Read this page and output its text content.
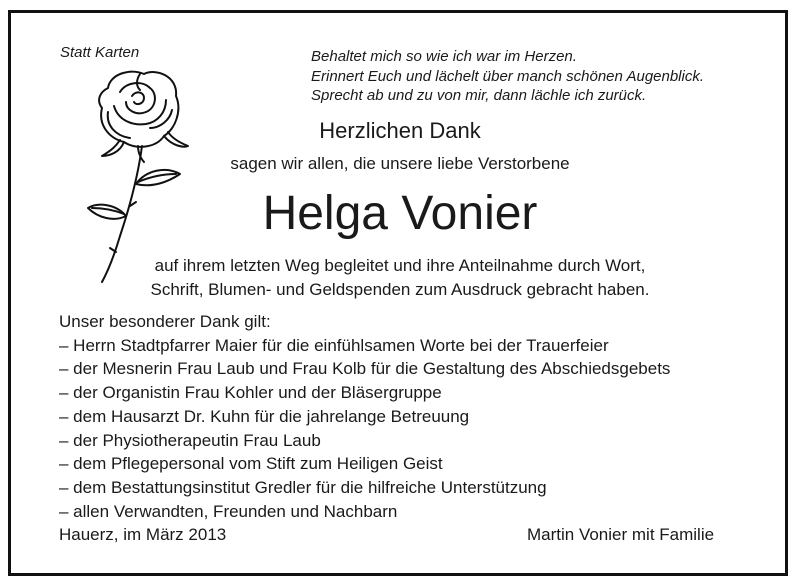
Statt Karten	Behaltet mich so wie ich war im Herzen.
Erinnert Euch und lächelt über manch schönen Augenblick.
Sprecht ab und zu von mir, dann lächle ich zurück.
Herzlichen Dank
sagen wir allen, die unsere liebe Verstorbene
Helga Vonier
auf ihrem letzten Weg begleitet und ihre Anteilnahme durch Wort,
Schrift, Blumen- und Geldspenden zum Ausdruck gebracht haben.
Unser besonderer Dank gilt:
– Herrn Stadtpfarrer Maier für die einfühlsamen Worte bei der Trauerfeier
– der Mesnerin Frau Laub und Frau Kolb für die Gestaltung des Abschiedsgebets
– der Organistin Frau Kohler und der Bläsergruppe
– dem Hausarzt Dr. Kuhn für die jahrelange Betreuung
– der Physiotherapeutin Frau Laub
– dem Pflegepersonal vom Stift zum Heiligen Geist
– dem Bestattungsinstitut Gredler für die hilfreiche Unterstützung
– allen Verwandten, Freunden und Nachbarn
Hauerz, im März 2013	Martin Vonier mit Familie
